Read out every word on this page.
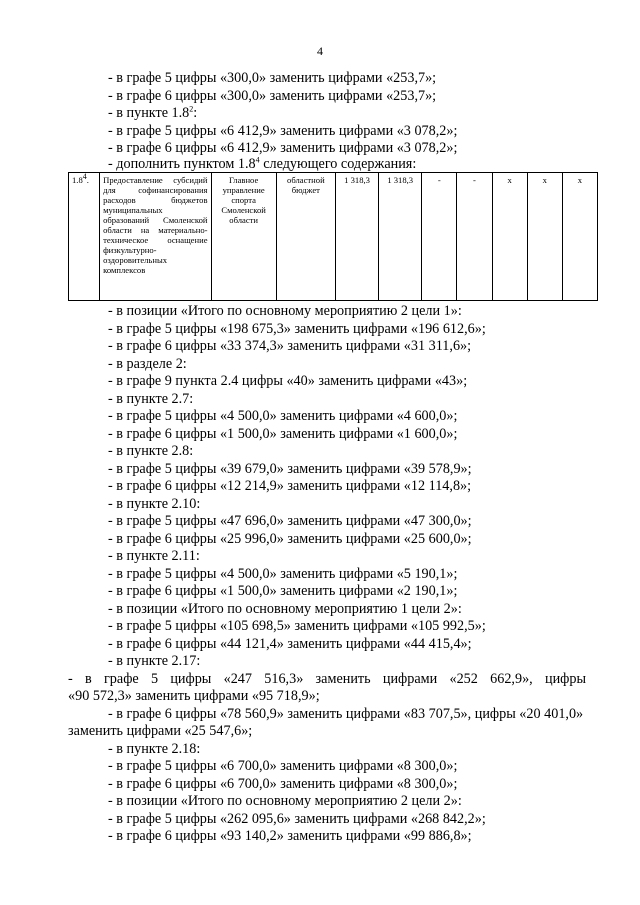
4
- в графе 5 цифры «300,0» заменить цифрами «253,7»;
- в графе 6 цифры «300,0» заменить цифрами «253,7»;
- в пункте $1.8^2$:
- в графе 5 цифры «6 412,9» заменить цифрами «3 078,2»;
- в графе 6 цифры «6 412,9» заменить цифрами «3 078,2»;
- дополнить пунктом $1.8^4$ следующего содержания:
$1.8^4$.	Предоставление субсидий для софинансирования расходов бюджетов муниципальных образований Смоленской области на материально-техническое оснащение физкультурно-оздоровительных комплексов	Главное управление спорта Смоленской области	областной бюджет	1 318,3	1 318,3	-	-	x	x	x
- в позиции «Итого по основному мероприятию 2 цели 1»:
- в графе 5 цифры «198 675,3» заменить цифрами «196 612,6»;
- в графе 6 цифры «33 374,3» заменить цифрами «31 311,6»;
- в разделе 2:
- в графе 9 пункта 2.4 цифры «40» заменить цифрами «43»;
- в пункте 2.7:
- в графе 5 цифры «4 500,0» заменить цифрами «4 600,0»;
- в графе 6 цифры «1 500,0» заменить цифрами «1 600,0»;
- в пункте 2.8:
- в графе 5 цифры «39 679,0» заменить цифрами «39 578,9»;
- в графе 6 цифры «12 214,9» заменить цифрами «12 114,8»;
- в пункте 2.10:
- в графе 5 цифры «47 696,0» заменить цифрами «47 300,0»;
- в графе 6 цифры «25 996,0» заменить цифрами «25 600,0»;
- в пункте 2.11:
- в графе 5 цифры «4 500,0» заменить цифрами «5 190,1»;
- в графе 6 цифры «1 500,0» заменить цифрами «2 190,1»;
- в позиции «Итого по основному мероприятию 1 цели 2»:
- в графе 5 цифры «105 698,5» заменить цифрами «105 992,5»;
- в графе 6 цифры «44 121,4» заменить цифрами «44 415,4»;
- в пункте 2.17:
- в графе 5 цифры «247 516,3» заменить цифрами «252 662,9», цифры
«90 572,3» заменить цифрами «95 718,9»;
- в графе 6 цифры «78 560,9» заменить цифрами «83 707,5», цифры «20 401,0»
заменить цифрами «25 547,6»;
- в пункте 2.18:
- в графе 5 цифры «6 700,0» заменить цифрами «8 300,0»;
- в графе 6 цифры «6 700,0» заменить цифрами «8 300,0»;
- в позиции «Итого по основному мероприятию 2 цели 2»:
- в графе 5 цифры «262 095,6» заменить цифрами «268 842,2»;
- в графе 6 цифры «93 140,2» заменить цифрами «99 886,8»;
